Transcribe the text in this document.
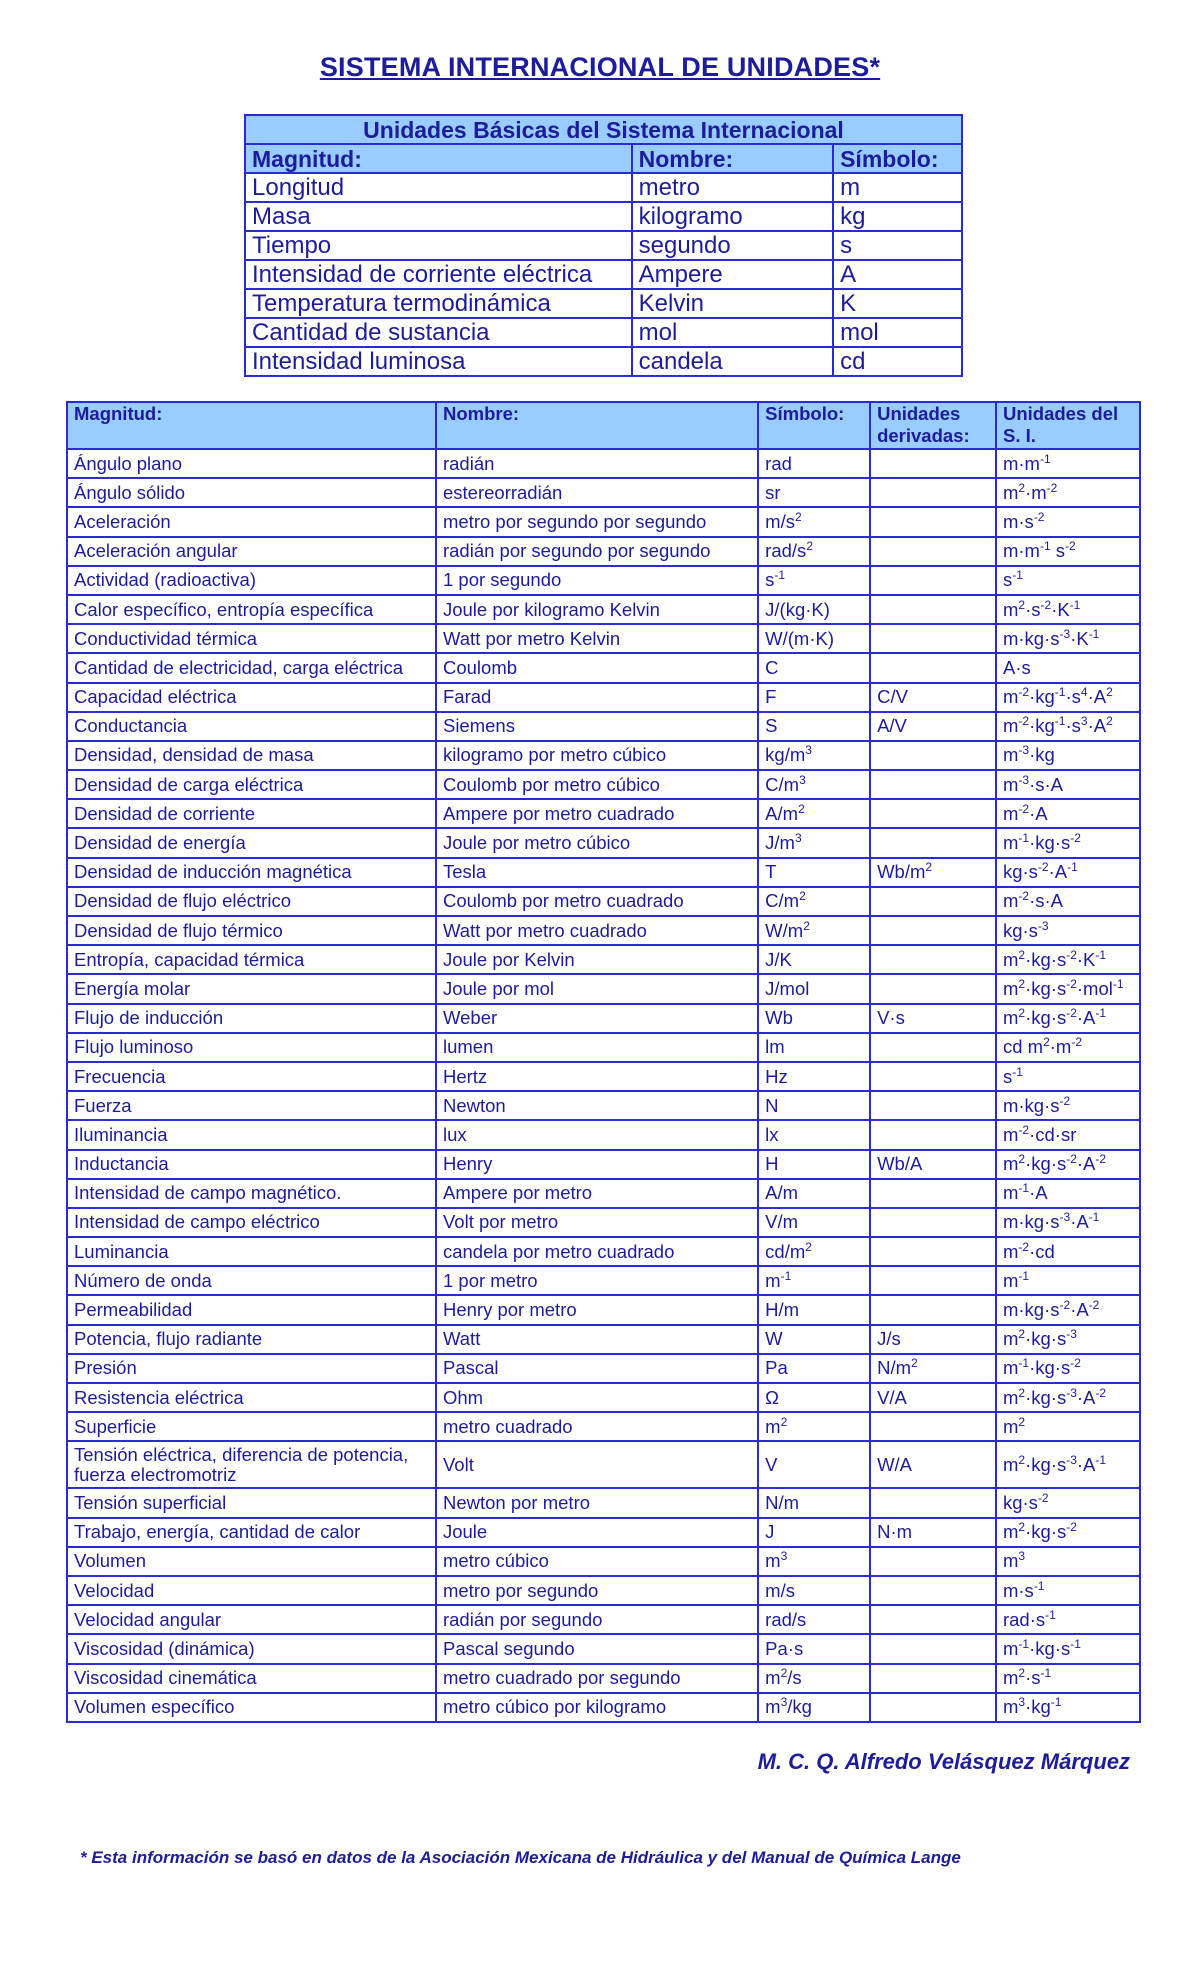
SISTEMA INTERNACIONAL DE UNIDADES*
Unidades Básicas del Sistema Internacional		
Magnitud:	Nombre:	Símbolo:
Longitud	metro	m
Masa	kilogramo	kg
Tiempo	segundo	s
Intensidad de corriente eléctrica	Ampere	A
Temperatura termodinámica	Kelvin	K
Cantidad de sustancia	mol	mol
Intensidad luminosa	candela	cd
Magnitud:	Nombre:	Símbolo:	Unidades derivadas:	Unidades del S. I.
Ángulo plano	radián	rad		$m\cdot m^{-1}$
Ángulo sólido	estereorradián	sr		$m^2\cdot m^{-2}$
Aceleración	metro por segundo por segundo	$m/s^2$		$m\cdot s^{-2}$
Aceleración angular	radián por segundo por segundo	rad/$s^2$		$m\cdot m^{-1}$ $s^{-2}$
Actividad (radioactiva)	1 por segundo	$s^{-1}$		$s^{-1}$
Calor específico, entropía específica	Joule por kilogramo Kelvin	J/(kg·K)		$m^2\cdot s^{-2}\cdot K^{-1}$
Conductividad térmica	Watt por metro Kelvin	W/(m·K)		$m\cdot kg\cdot s^{-3}\cdot K^{-1}$
Cantidad de electricidad, carga eléctrica	Coulomb	C		A·s
Capacidad eléctrica	Farad	F	C/V	$m^{-2}\cdot kg^{-1}\cdot s^4\cdot A^2$
Conductancia	Siemens	S	A/V	$m^{-2}\cdot kg^{-1}\cdot s^3\cdot A^2$
Densidad, densidad de masa	kilogramo por metro cúbico	$kg/m^3$		$m^{-3}\cdot kg$
Densidad de carga eléctrica	Coulomb por metro cúbico	$C/m^3$		$m^{-3}\cdot s\cdot A$
Densidad de corriente	Ampere por metro cuadrado	$A/m^2$		$m^{-2}\cdot A$
Densidad de energía	Joule por metro cúbico	$J/m^3$		$m^{-1}\cdot kg\cdot s^{-2}$
Densidad de inducción magnética	Tesla	T	$Wb/m^2$	$kg\cdot s^{-2}\cdot A^{-1}$
Densidad de flujo eléctrico	Coulomb por metro cuadrado	$C/m^2$		$m^{-2}\cdot s\cdot A$
Densidad de flujo térmico	Watt por metro cuadrado	$W/m^2$		$kg\cdot s^{-3}$
Entropía, capacidad térmica	Joule por Kelvin	J/K		$m^2\cdot kg\cdot s^{-2}\cdot K^{-1}$
Energía molar	Joule por mol	J/mol		$m^2\cdot kg\cdot s^{-2}\cdot mol^{-1}$
Flujo de inducción	Weber	Wb	V·s	$m^2\cdot kg\cdot s^{-2}\cdot A^{-1}$
Flujo luminoso	lumen	lm		cd $m^2\cdot m^{-2}$
Frecuencia	Hertz	Hz		$s^{-1}$
Fuerza	Newton	N		$m\cdot kg\cdot s^{-2}$
Iluminancia	lux	lx		$m^{-2}\cdot cd\cdot sr$
Inductancia	Henry	H	Wb/A	$m^2\cdot kg\cdot s^{-2}\cdot A^{-2}$
Intensidad de campo magnético.	Ampere por metro	A/m		$m^{-1}\cdot A$
Intensidad de campo eléctrico	Volt por metro	V/m		$m\cdot kg\cdot s^{-3}\cdot A^{-1}$
Luminancia	candela por metro cuadrado	$cd/m^2$		$m^{-2}\cdot cd$
Número de onda	1 por metro	$m^{-1}$		$m^{-1}$
Permeabilidad	Henry por metro	H/m		$m\cdot kg\cdot s^{-2}\cdot A^{-2}$
Potencia, flujo radiante	Watt	W	J/s	$m^2\cdot kg\cdot s^{-3}$
Presión	Pascal	Pa	$N/m^2$	$m^{-1}\cdot kg\cdot s^{-2}$
Resistencia eléctrica	Ohm	Ω	V/A	$m^2\cdot kg\cdot s^{-3}\cdot A^{-2}$
Superficie	metro cuadrado	$m^2$		$m^2$
Tensión eléctrica, diferencia de potencia, fuerza electromotriz	Volt	V	W/A	$m^2\cdot kg\cdot s^{-3}\cdot A^{-1}$
Tensión superficial	Newton por metro	N/m		$kg\cdot s^{-2}$
Trabajo, energía, cantidad de calor	Joule	J	N·m	$m^2\cdot kg\cdot s^{-2}$
Volumen	metro cúbico	$m^3$		$m^3$
Velocidad	metro por segundo	m/s		$m\cdot s^{-1}$
Velocidad angular	radián por segundo	rad/s		$rad\cdot s^{-1}$
Viscosidad (dinámica)	Pascal segundo	Pa·s		$m^{-1}\cdot kg\cdot s^{-1}$
Viscosidad cinemática	metro cuadrado por segundo	$m^2/s$		$m^2\cdot s^{-1}$
Volumen específico	metro cúbico por kilogramo	$m^3/kg$		$m^3\cdot kg^{-1}$
M. C. Q. Alfredo Velásquez Márquez
* Esta información se basó en datos de la Asociación Mexicana de Hidráulica y del Manual de Química Lange
